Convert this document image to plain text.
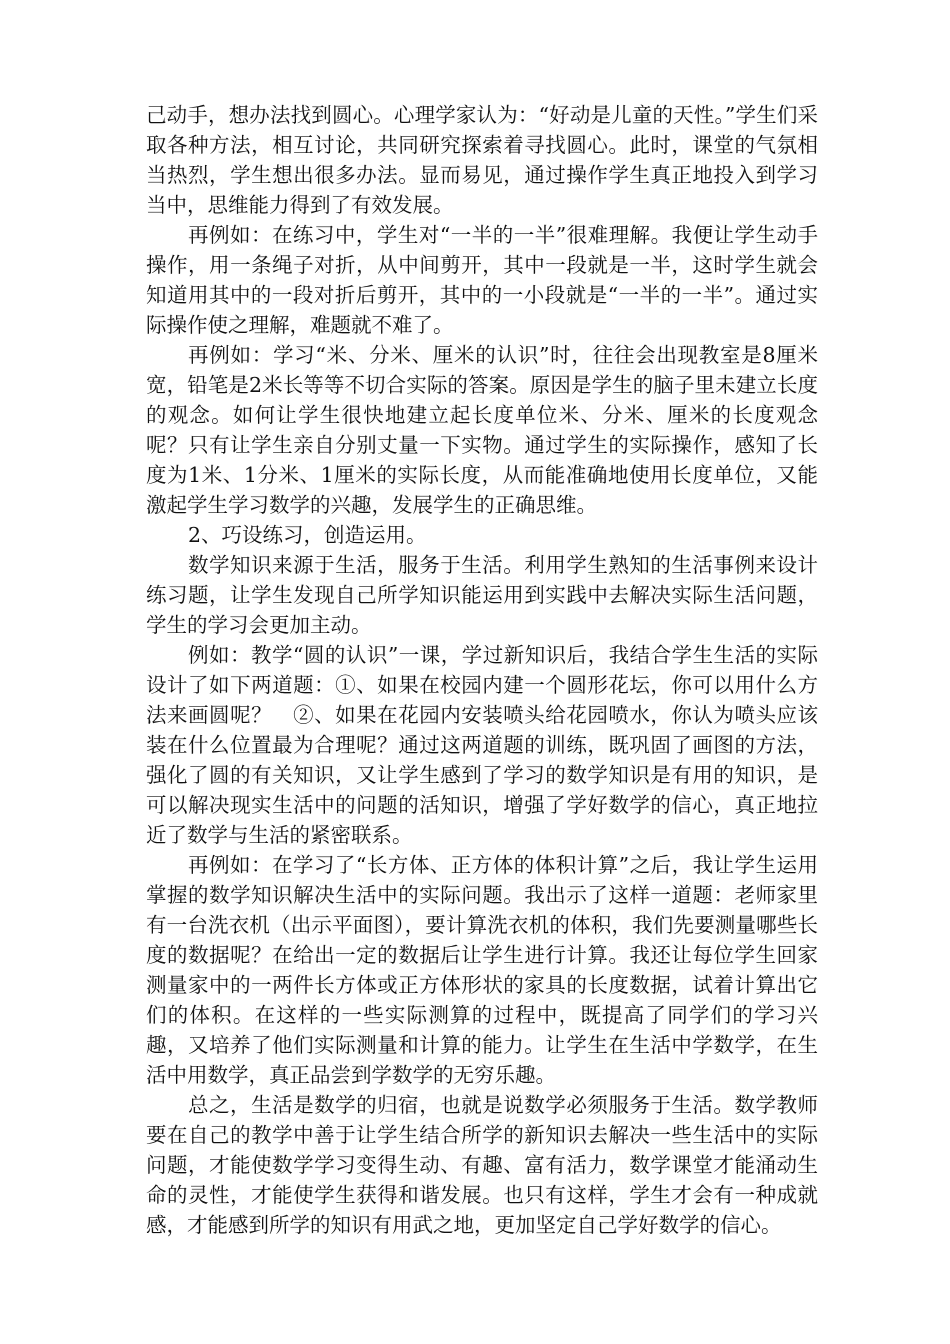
己动手，想办法找到圆心。心理学家认为：“好动是儿童的天性。”学生们采取各种方法，相互讨论，共同研究探索着寻找圆心。此时，课堂的气氛相当热烈，学生想出很多办法。显而易见，通过操作学生真正地投入到学习当中，思维能力得到了有效发展。

再例如：在练习中，学生对“一半的一半”很难理解。我便让学生动手操作，用一条绳子对折，从中间剪开，其中一段就是一半，这时学生就会知道用其中的一段对折后剪开，其中的一小段就是“一半的一半”。通过实际操作使之理解，难题就不难了。

再例如：学习“米、分米、厘米的认识”时，往往会出现教室是8厘米宽，铅笔是2米长等等不切合实际的答案。原因是学生的脑子里未建立长度的观念。如何让学生很快地建立起长度单位米、分米、厘米的长度观念呢？只有让学生亲自分别丈量一下实物。通过学生的实际操作，感知了长度为1米、1分米、1厘米的实际长度，从而能准确地使用长度单位，又能激起学生学习数学的兴趣，发展学生的正确思维。

2、巧设练习，创造运用。

数学知识来源于生活，服务于生活。利用学生熟知的生活事例来设计练习题，让学生发现自己所学知识能运用到实践中去解决实际生活问题，学生的学习会更加主动。

例如：教学“圆的认识”一课，学过新知识后，我结合学生生活的实际设计了如下两道题：①、如果在校园内建一个圆形花坛，你可以用什么方法来画圆呢？　②、如果在花园内安装喷头给花园喷水，你认为喷头应该装在什么位置最为合理呢？通过这两道题的训练，既巩固了画图的方法，强化了圆的有关知识，又让学生感到了学习的数学知识是有用的知识，是可以解决现实生活中的问题的活知识，增强了学好数学的信心，真正地拉近了数学与生活的紧密联系。

再例如：在学习了“长方体、正方体的体积计算”之后，我让学生运用掌握的数学知识解决生活中的实际问题。我出示了这样一道题：老师家里有一台洗衣机（出示平面图），要计算洗衣机的体积，我们先要测量哪些长度的数据呢？在给出一定的数据后让学生进行计算。我还让每位学生回家测量家中的一两件长方体或正方体形状的家具的长度数据，试着计算出它们的体积。在这样的一些实际测算的过程中，既提高了同学们的学习兴趣，又培养了他们实际测量和计算的能力。让学生在生活中学数学，在生活中用数学，真正品尝到学数学的无穷乐趣。

总之，生活是数学的归宿，也就是说数学必须服务于生活。数学教师要在自己的教学中善于让学生结合所学的新知识去解决一些生活中的实际问题，才能使数学学习变得生动、有趣、富有活力，数学课堂才能涌动生命的灵性，才能使学生获得和谐发展。也只有这样，学生才会有一种成就感，才能感到所学的知识有用武之地，更加坚定自己学好数学的信心。
